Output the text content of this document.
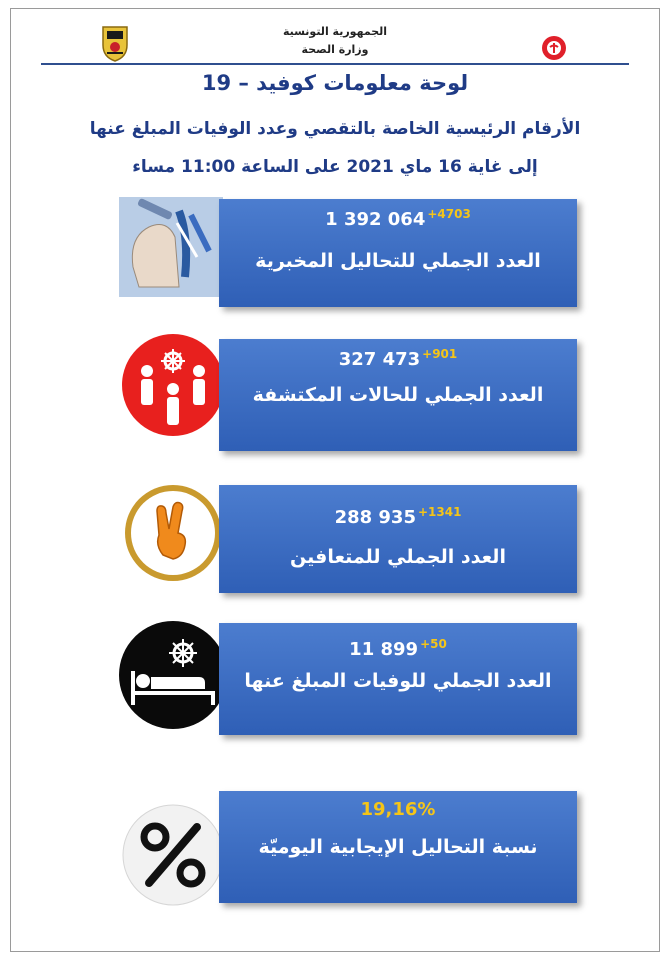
الجمهورية التونسية
وزارة الصحة
لوحة معلومات كوفيد – 19
الأرقام الرئيسية الخاصة بالتقصي وعدد الوفيات المبلغ عنها
إلى غاية 16 ماي 2021 على الساعة 11:00 مساء
1 392 064 $^{+4703}$
العدد الجملي للتحاليل المخبرية
327 473 $^{+901}$
العدد الجملي للحالات المكتشفة
288 935 $^{+1341}$
العدد الجملي للمتعافين
11 899 $^{+50}$
العدد الجملي للوفيات المبلغ عنها
19,16%
نسبة التحاليل الإيجابية اليوميّة
